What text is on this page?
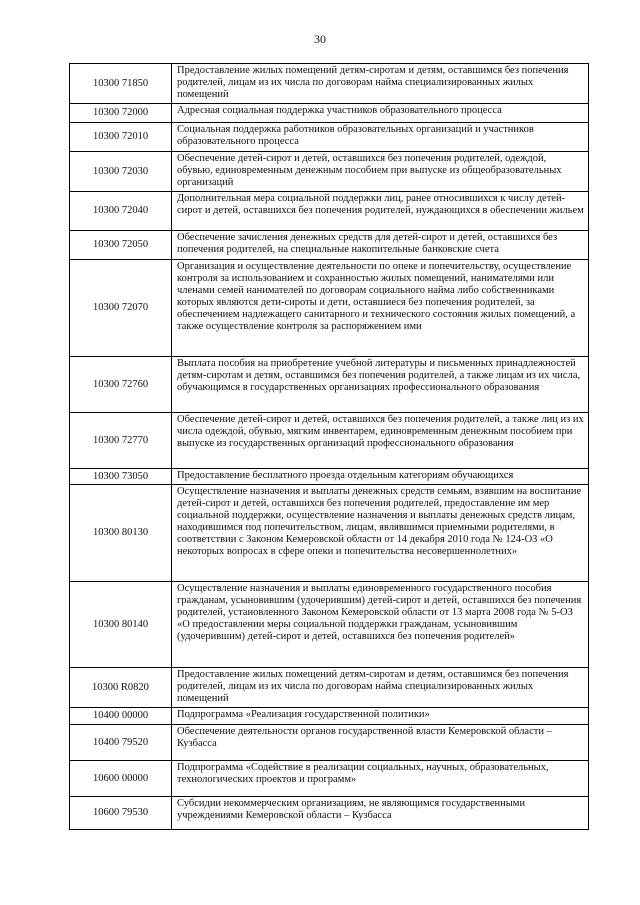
30
10300 71850	Предоставление жилых помещений детям-сиротам и детям, оставшимся без попечения родителей, лицам из их числа по договорам найма специализированных жилых помещений
10300 72000	Адресная социальная поддержка участников образовательного процесса
10300 72010	Социальная поддержка работников образовательных организаций и участников образовательного процесса
10300 72030	Обеспечение детей-сирот и детей, оставшихся без попечения родителей, одеждой, обувью, единовременным денежным пособием при выпуске из общеобразовательных организаций
10300 72040	Дополнительная мера социальной поддержки лиц, ранее относившихся к числу детей-сирот и детей, оставшихся без попечения родителей, нуждающихся в обеспечении жильем
10300 72050	Обеспечение зачисления денежных средств для детей-сирот и детей, оставшихся без попечения родителей, на специальные накопительные банковские счета
10300 72070	Организация и осуществление деятельности по опеке и попечительству, осуществление контроля за использованием и сохранностью жилых помещений, нанимателями или членами семей нанимателей по договорам социального найма либо собственниками которых являются дети-сироты и дети, оставшиеся без попечения родителей, за обеспечением надлежащего санитарного и технического состояния жилых помещений, а также осуществление контроля за распоряжением ими
10300 72760	Выплата пособия на приобретение учебной литературы и письменных принадлежностей детям-сиротам и детям, оставшимся без попечения родителей, а также лицам из их числа, обучающимся в государственных организациях профессионального образования
10300 72770	Обеспечение детей-сирот и детей, оставшихся без попечения родителей, а также лиц из их числа одеждой, обувью, мягким инвентарем, единовременным денежным пособием при выпуске из государственных организаций профессионального образования
10300 73050	Предоставление бесплатного проезда отдельным категориям обучающихся
10300 80130	Осуществление назначения и выплаты денежных средств семьям, взявшим на воспитание детей-сирот и детей, оставшихся без попечения родителей, предоставление им мер социальной поддержки, осуществление назначения и выплаты денежных средств лицам, находившимся под попечительством, лицам, являвшимся приемными родителями, в соответствии с Законом Кемеровской области от 14 декабря 2010 года № 124-ОЗ «О некоторых вопросах в сфере опеки и попечительства несовершеннолетних»
10300 80140	Осуществление назначения и выплаты единовременного государственного пособия гражданам, усыновившим (удочерившим) детей-сирот и детей, оставшихся без попечения родителей, установленного Законом Кемеровской области от 13 марта 2008 года № 5-ОЗ «О предоставлении меры социальной поддержки гражданам, усыновившим (удочерившим) детей-сирот и детей, оставшихся без попечения родителей»
10300 R0820	Предоставление жилых помещений детям-сиротам и детям, оставшимся без попечения родителей, лицам из их числа по договорам найма специализированных жилых помещений
10400 00000	Подпрограмма «Реализация государственной политики»
10400 79520	Обеспечение деятельности органов государственной власти Кемеровской области – Кузбасса
10600 00000	Подпрограмма «Содействие в реализации социальных, научных, образовательных, технологических проектов и программ»
10600 79530	Субсидии некоммерческим организациям, не являющимся государственными учреждениями Кемеровской области – Кузбасса
